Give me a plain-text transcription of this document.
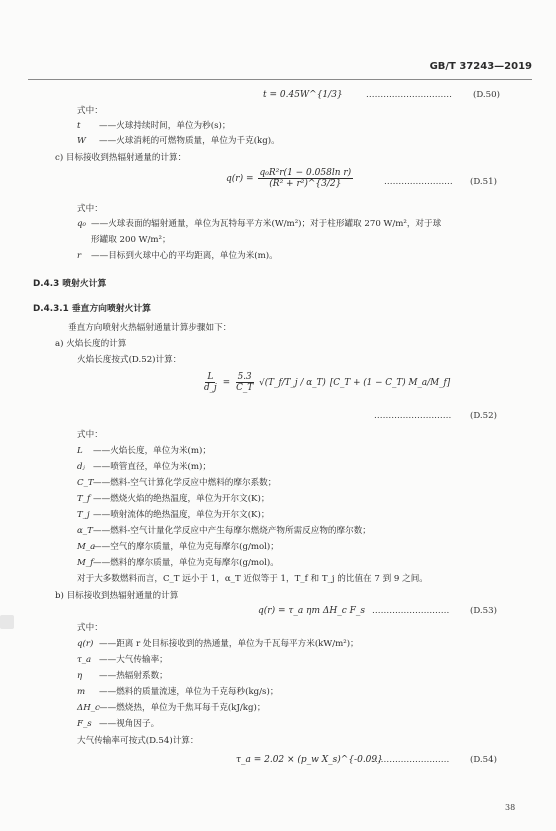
GB/T 37243—2019
t = 0.45W^{1/3}	………………………… (D.50)
式中：
t ——火球持续时间，单位为秒(s)；
W ——火球消耗的可燃物质量，单位为千克(kg)。
c) 目标接收到热辐射通量的计算：
$q(r) = \frac{\text{q₀R²r(1 − 0.058ln r)}}{\text{(R² + r²)\textasciicircum{}\{3/2\}}}$	…………………… (D.51)
式中：
q₀ ——火球表面的辐射通量，单位为瓦特每平方米(W/m²)；对于柱形罐取 270 W/m²，对于球
形罐取 200 W/m²；
r ——目标到火球中心的平均距离，单位为米(m)。
D.4.3 喷射火计算
D.4.3.1 垂直方向喷射火计算
垂直方向喷射火热辐射通量计算步骤如下：
a) 火焰长度的计算
火焰长度按式(D.52)计算：
$\frac{L}{d\_j} = \frac{5.3}{C\_T}$ √(T_f/T_j / α_T) [C_T + (1 − C_T) M_a/M_f]
……………………… (D.52)
式中：
L ——火焰长度，单位为米(m)；
dⱼ ——喷管直径，单位为米(m)；
C_T ——燃料-空气计算化学反应中燃料的摩尔系数；
T_f ——燃烧火焰的绝热温度，单位为开尔文(K)；
T_j ——喷射流体的绝热温度，单位为开尔文(K)；
α_T ——燃料-空气计量化学反应中产生每摩尔燃烧产物所需反应物的摩尔数；
M_a
——空气的摩尔质量，单位为克每摩尔(g/mol)；
M_f ——燃料的摩尔质量，单位为克每摩尔(g/mol)。
对于大多数燃料而言，C_T 远小于 1，α_T 近似等于 1，T_f 和 T_j 的比值在 7 到 9 之间。
b) 目标接收到热辐射通量的计算
q(r) = τ_a ηm ΔH_c F_s ……………………… (D.53)
式中：
q(r) ——距离 r 处目标接收到的热通量，单位为千瓦每平方米(kW/m²)；
τ_a ——大气传输率；
η ——热辐射系数；
m ——燃料的质量流速，单位为千克每秒(kg/s)；
ΔH_c ——燃烧热，单位为千焦耳每千克(kJ/kg)；
F_s ——视角因子。
大气传输率可按式(D.54)计算：
τ_a = 2.02 × (p_w X_s)^{-0.09}
……………………… (D.54)
38
